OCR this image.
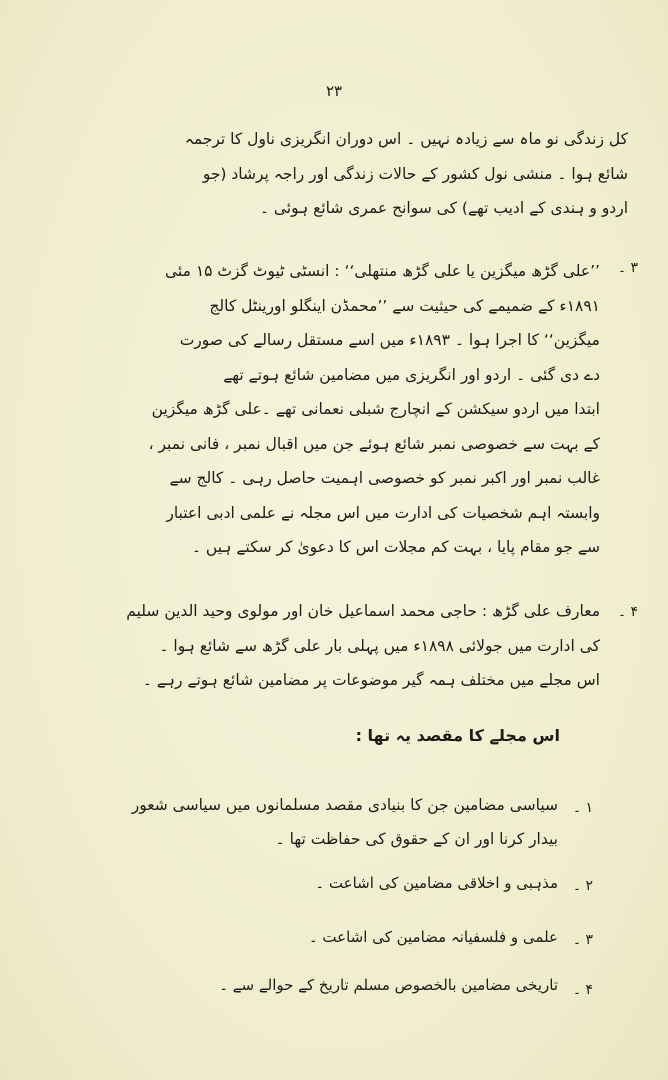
۲۳
کل زندگی نو ماہ سے زیادہ نہیں ۔ اس دوران انگریزی ناول کا ترجمہ
شائع ہوا ۔ منشی نول کشور کے حالات زندگی اور راجہ پرشاد (جو
اردو و ہندی کے ادیب تھے) کی سوانح عمری شائع ہوئی ۔
۳ ۔
’’علی گڑھ میگزین یا علی گڑھ منتھلی‘‘ : انسٹی ٹیوٹ گزٹ ۱۵ مئی
۱۸۹۱ء کے ضمیمے کی حیثیت سے ’’محمڈن اینگلو اورینٹل کالج
میگزین‘‘ کا اجرا ہوا ۔ ۱۸۹۳ء میں اسے مستقل رسالے کی صورت
دے دی گئی ۔ اردو اور انگریزی میں مضامین شائع ہوتے تھے
ابتدا میں اردو سیکشن کے انچارج شبلی نعمانی تھے ۔علی گڑھ میگزین
کے بہت سے خصوصی نمبر شائع ہوئے جن میں اقبال نمبر ، فانی نمبر ،
غالب نمبر اور اکبر نمبر کو خصوصی اہمیت حاصل رہی ۔ کالج سے
وابستہ اہم شخصیات کی ادارت میں اس مجلہ نے علمی ادبی اعتبار
سے جو مقام پایا ، بہت کم مجلات اس کا دعویٰ کر سکتے ہیں ۔
۴ ۔
معارف علی گڑھ : حاجی محمد اسماعیل خان اور مولوی وحید الدین سلیم
کی ادارت میں جولائی ۱۸۹۸ء میں پہلی بار علی گڑھ سے شائع ہوا ۔
اس مجلے میں مختلف ہمہ گیر موضوعات پر مضامین شائع ہوتے رہے ۔
اس مجلے کا مقصد یہ تھا :
۱ ۔
سیاسی مضامین جن کا بنیادی مقصد مسلمانوں میں سیاسی شعور
بیدار کرنا اور ان کے حقوق کی حفاظت تھا ۔
۲ ۔
مذہبی و اخلاقی مضامین کی اشاعت ۔
۳ ۔
علمی و فلسفیانہ مضامین کی اشاعت ۔
۴ ۔
تاریخی مضامین بالخصوص مسلم تاریخ کے حوالے سے ۔
